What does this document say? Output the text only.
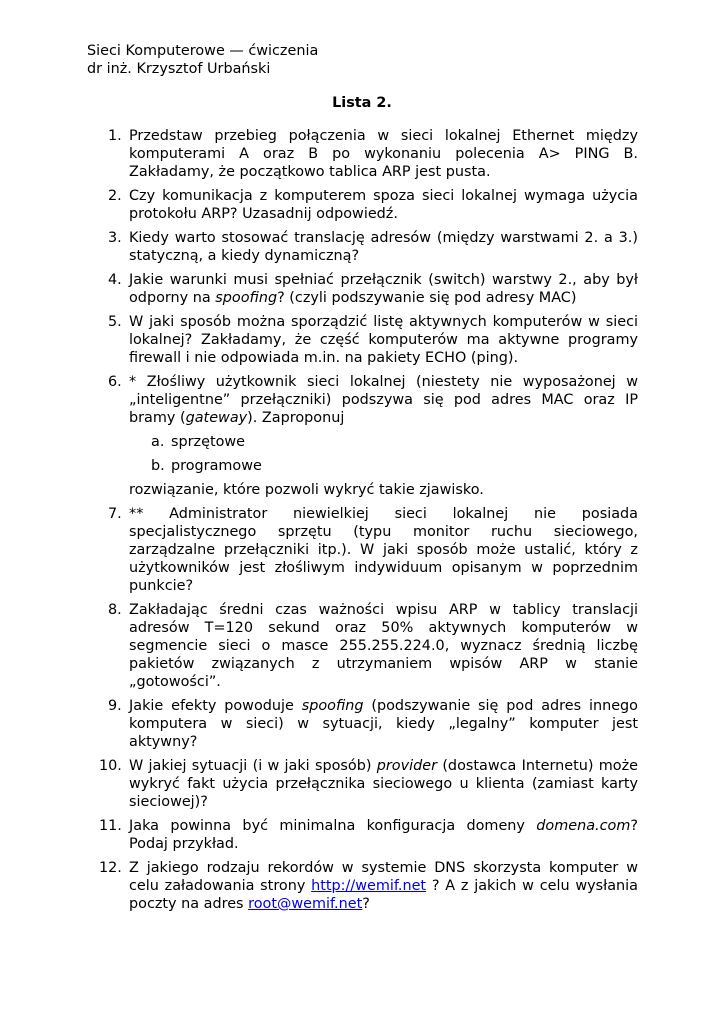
Sieci Komputerowe — ćwiczenia
dr inż. Krzysztof Urbański
Lista 2.
1. Przedstaw przebieg połączenia w sieci lokalnej Ethernet między komputerami A oraz B po wykonaniu polecenia A> PING B. Zakładamy, że początkowo tablica ARP jest pusta.
2. Czy komunikacja z komputerem spoza sieci lokalnej wymaga użycia protokołu ARP? Uzasadnij odpowiedź.
3. Kiedy warto stosować translację adresów (między warstwami 2. a 3.) statyczną, a kiedy dynamiczną?
4. Jakie warunki musi spełniać przełącznik (switch) warstwy 2., aby był odporny na spoofing? (czyli podszywanie się pod adresy MAC)
5. W jaki sposób można sporządzić listę aktywnych komputerów w sieci lokalnej? Zakładamy, że część komputerów ma aktywne programy firewall i nie odpowiada m.in. na pakiety ECHO (ping).
6. * Złośliwy użytkownik sieci lokalnej (niestety nie wyposażonej w „inteligentne” przełączniki) podszywa się pod adres MAC oraz IP bramy (gateway). Zaproponuj
a. sprzętowe
b. programowe
rozwiązanie, które pozwoli wykryć takie zjawisko.
7. ** Administrator niewielkiej sieci lokalnej nie posiada specjalistycznego sprzętu (typu monitor ruchu sieciowego, zarządzalne przełączniki itp.). W jaki sposób może ustalić, który z użytkowników jest złośliwym indywiduum opisanym w poprzednim punkcie?
8. Zakładając średni czas ważności wpisu ARP w tablicy translacji adresów T=120 sekund oraz 50% aktywnych komputerów w segmencie sieci o masce 255.255.224.0, wyznacz średnią liczbę pakietów związanych z utrzymaniem wpisów ARP w stanie „gotowości”.
9. Jakie efekty powoduje spoofing (podszywanie się pod adres innego komputera w sieci) w sytuacji, kiedy „legalny” komputer jest aktywny?
10. W jakiej sytuacji (i w jaki sposób) provider (dostawca Internetu) może wykryć fakt użycia przełącznika sieciowego u klienta (zamiast karty sieciowej)?
11. Jaka powinna być minimalna konfiguracja domeny domena.com? Podaj przykład.
12. Z jakiego rodzaju rekordów w systemie DNS skorzysta komputer w celu załadowania strony http://wemif.net ? A z jakich w celu wysłania poczty na adres root@wemif.net?
